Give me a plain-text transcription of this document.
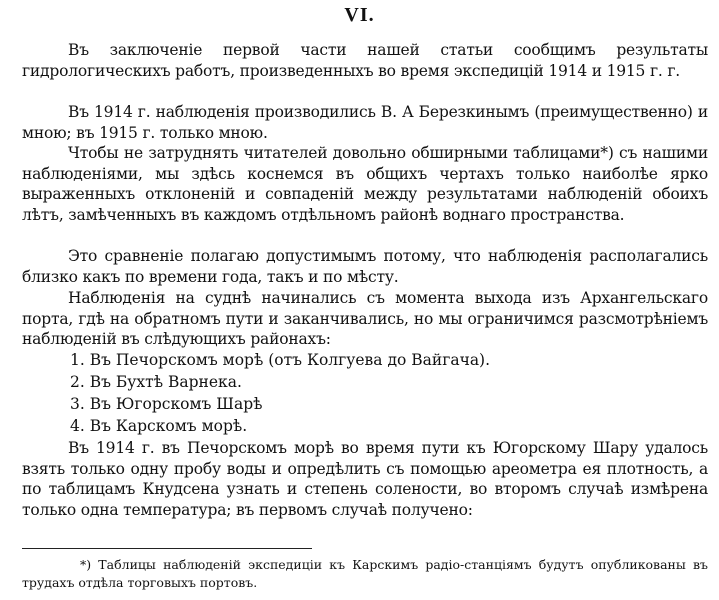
VI.
Въ заключеніе первой части нашей статьи сообщимъ результаты гидрологическихъ работъ, произведенныхъ во время экспедицій 1914 и 1915 г. г.
Въ 1914 г. наблюденія производились В. А Березкинымъ (преимущественно) и мною; въ 1915 г. только мною.
Чтобы не затруднять читателей довольно обширными таблицами*) съ нашими наблюденіями, мы здѣсь коснемся въ общихъ чертахъ только наиболѣе ярко выраженныхъ отклоненій и совпаденій между результатами наблюденій обоихъ лѣтъ, замѣченныхъ въ каждомъ отдѣльномъ районѣ воднаго пространства.
Это сравненіе полагаю допустимымъ потому, что наблюденія располагались близко какъ по времени года, такъ и по мѣсту.
Наблюденія на суднѣ начинались съ момента выхода изъ Архангельскаго порта, гдѣ на обратномъ пути и заканчивались, но мы ограничимся разсмотрѣніемъ наблюденій въ слѣдующихъ районахъ:
1. Въ Печорскомъ морѣ (отъ Колгуева до Вайгача).
2. Въ Бухтѣ Варнека.
3. Въ Югорскомъ Шарѣ
4. Въ Карскомъ морѣ.
Въ 1914 г. въ Печорскомъ морѣ во время пути къ Югорскому Шару удалось взять только одну пробу воды и опредѣлить съ помощью ареометра ея плотность, а по таблицамъ Кнудсена узнать и степень солености, во второмъ случаѣ измѣрена только одна температура; въ первомъ случаѣ получено:
*) Таблицы наблюденій экспедиціи къ Карскимъ радіо-станціямъ будутъ опубликованы въ трудахъ отдѣла торговыхъ портовъ.
